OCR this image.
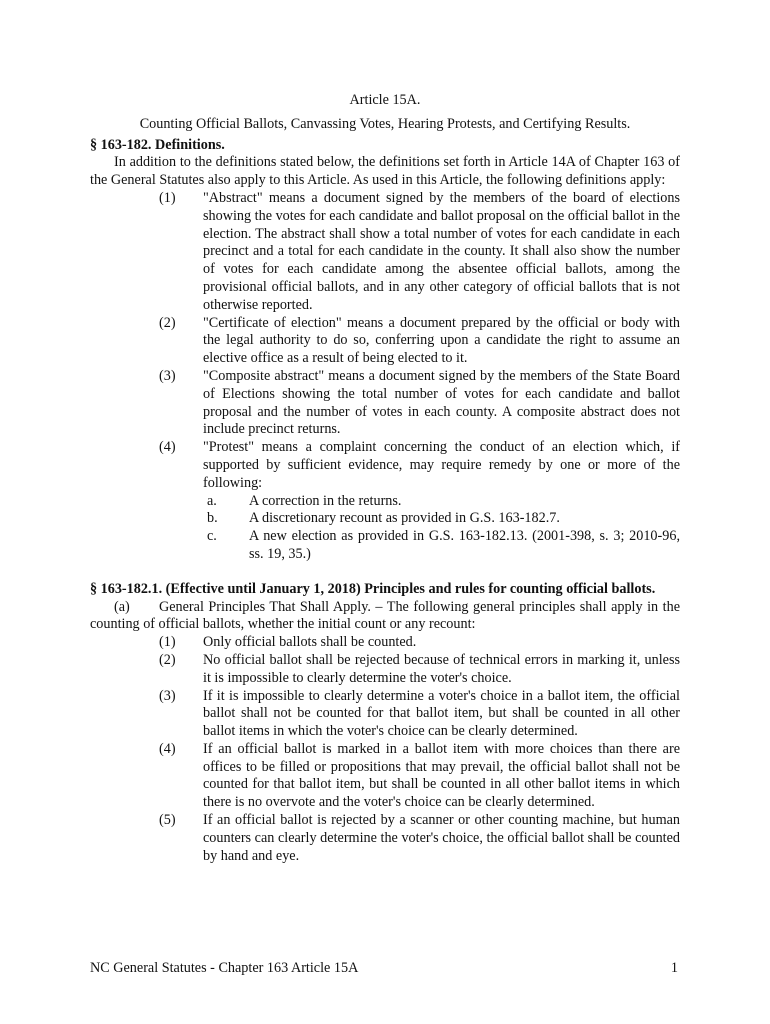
Article 15A.
Counting Official Ballots, Canvassing Votes, Hearing Protests, and Certifying Results.
§ 163-182. Definitions.
In addition to the definitions stated below, the definitions set forth in Article 14A of Chapter 163 of the General Statutes also apply to this Article. As used in this Article, the following definitions apply:
(1) "Abstract" means a document signed by the members of the board of elections showing the votes for each candidate and ballot proposal on the official ballot in the election. The abstract shall show a total number of votes for each candidate in each precinct and a total for each candidate in the county. It shall also show the number of votes for each candidate among the absentee official ballots, among the provisional official ballots, and in any other category of official ballots that is not otherwise reported.
(2) "Certificate of election" means a document prepared by the official or body with the legal authority to do so, conferring upon a candidate the right to assume an elective office as a result of being elected to it.
(3) "Composite abstract" means a document signed by the members of the State Board of Elections showing the total number of votes for each candidate and ballot proposal and the number of votes in each county. A composite abstract does not include precinct returns.
(4) "Protest" means a complaint concerning the conduct of an election which, if supported by sufficient evidence, may require remedy by one or more of the following:
a. A correction in the returns.
b. A discretionary recount as provided in G.S. 163-182.7.
c. A new election as provided in G.S. 163-182.13. (2001-398, s. 3; 2010-96, ss. 19, 35.)
§ 163-182.1. (Effective until January 1, 2018) Principles and rules for counting official ballots.
(a) General Principles That Shall Apply. – The following general principles shall apply in the counting of official ballots, whether the initial count or any recount:
(1) Only official ballots shall be counted.
(2) No official ballot shall be rejected because of technical errors in marking it, unless it is impossible to clearly determine the voter's choice.
(3) If it is impossible to clearly determine a voter's choice in a ballot item, the official ballot shall not be counted for that ballot item, but shall be counted in all other ballot items in which the voter's choice can be clearly determined.
(4) If an official ballot is marked in a ballot item with more choices than there are offices to be filled or propositions that may prevail, the official ballot shall not be counted for that ballot item, but shall be counted in all other ballot items in which there is no overvote and the voter's choice can be clearly determined.
(5) If an official ballot is rejected by a scanner or other counting machine, but human counters can clearly determine the voter's choice, the official ballot shall be counted by hand and eye.
NC General Statutes - Chapter 163 Article 15A	1
